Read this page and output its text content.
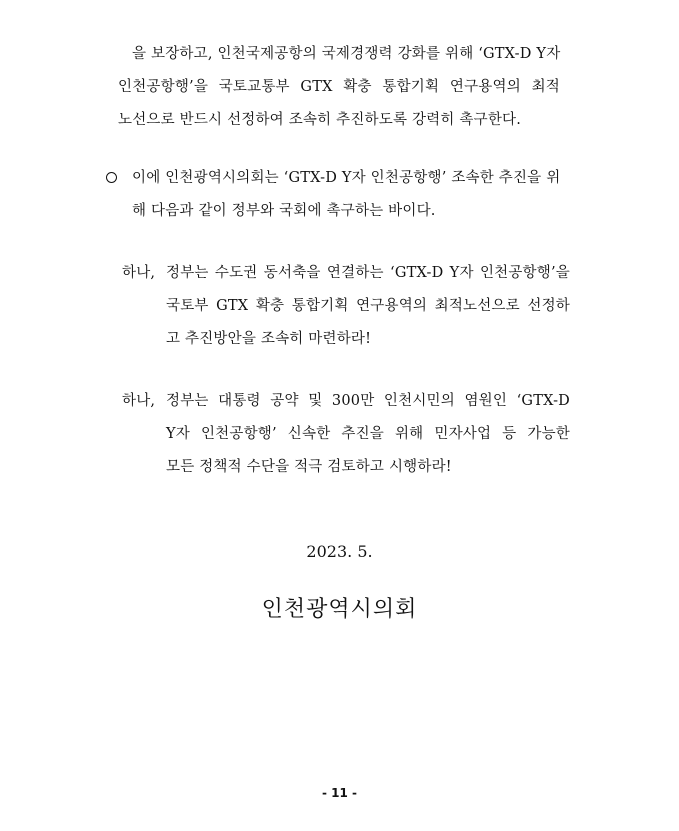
을 보장하고, 인천국제공항의 국제경쟁력 강화를 위해 ‘GTX-D Y자
인천공항행’을 국토교통부 GTX 확충 통합기획 연구용역의 최적
노선으로 반드시 선정하여 조속히 추진하도록 강력히 촉구한다.
이에 인천광역시의회는 ‘GTX-D Y자 인천공항행’ 조속한 추진을 위
해 다음과 같이 정부와 국회에 촉구하는 바이다.
하나, 정부는 수도권 동서축을 연결하는 ‘GTX-D Y자 인천공항행’을
국토부 GTX 확충 통합기획 연구용역의 최적노선으로 선정하
고 추진방안을 조속히 마련하라!
하나, 정부는 대통령 공약 및 300만 인천시민의 염원인 ‘GTX-D
Y자 인천공항행’ 신속한 추진을 위해 민자사업 등 가능한
모든 정책적 수단을 적극 검토하고 시행하라!
2023. 5.
인천광역시의회
- 11 -
